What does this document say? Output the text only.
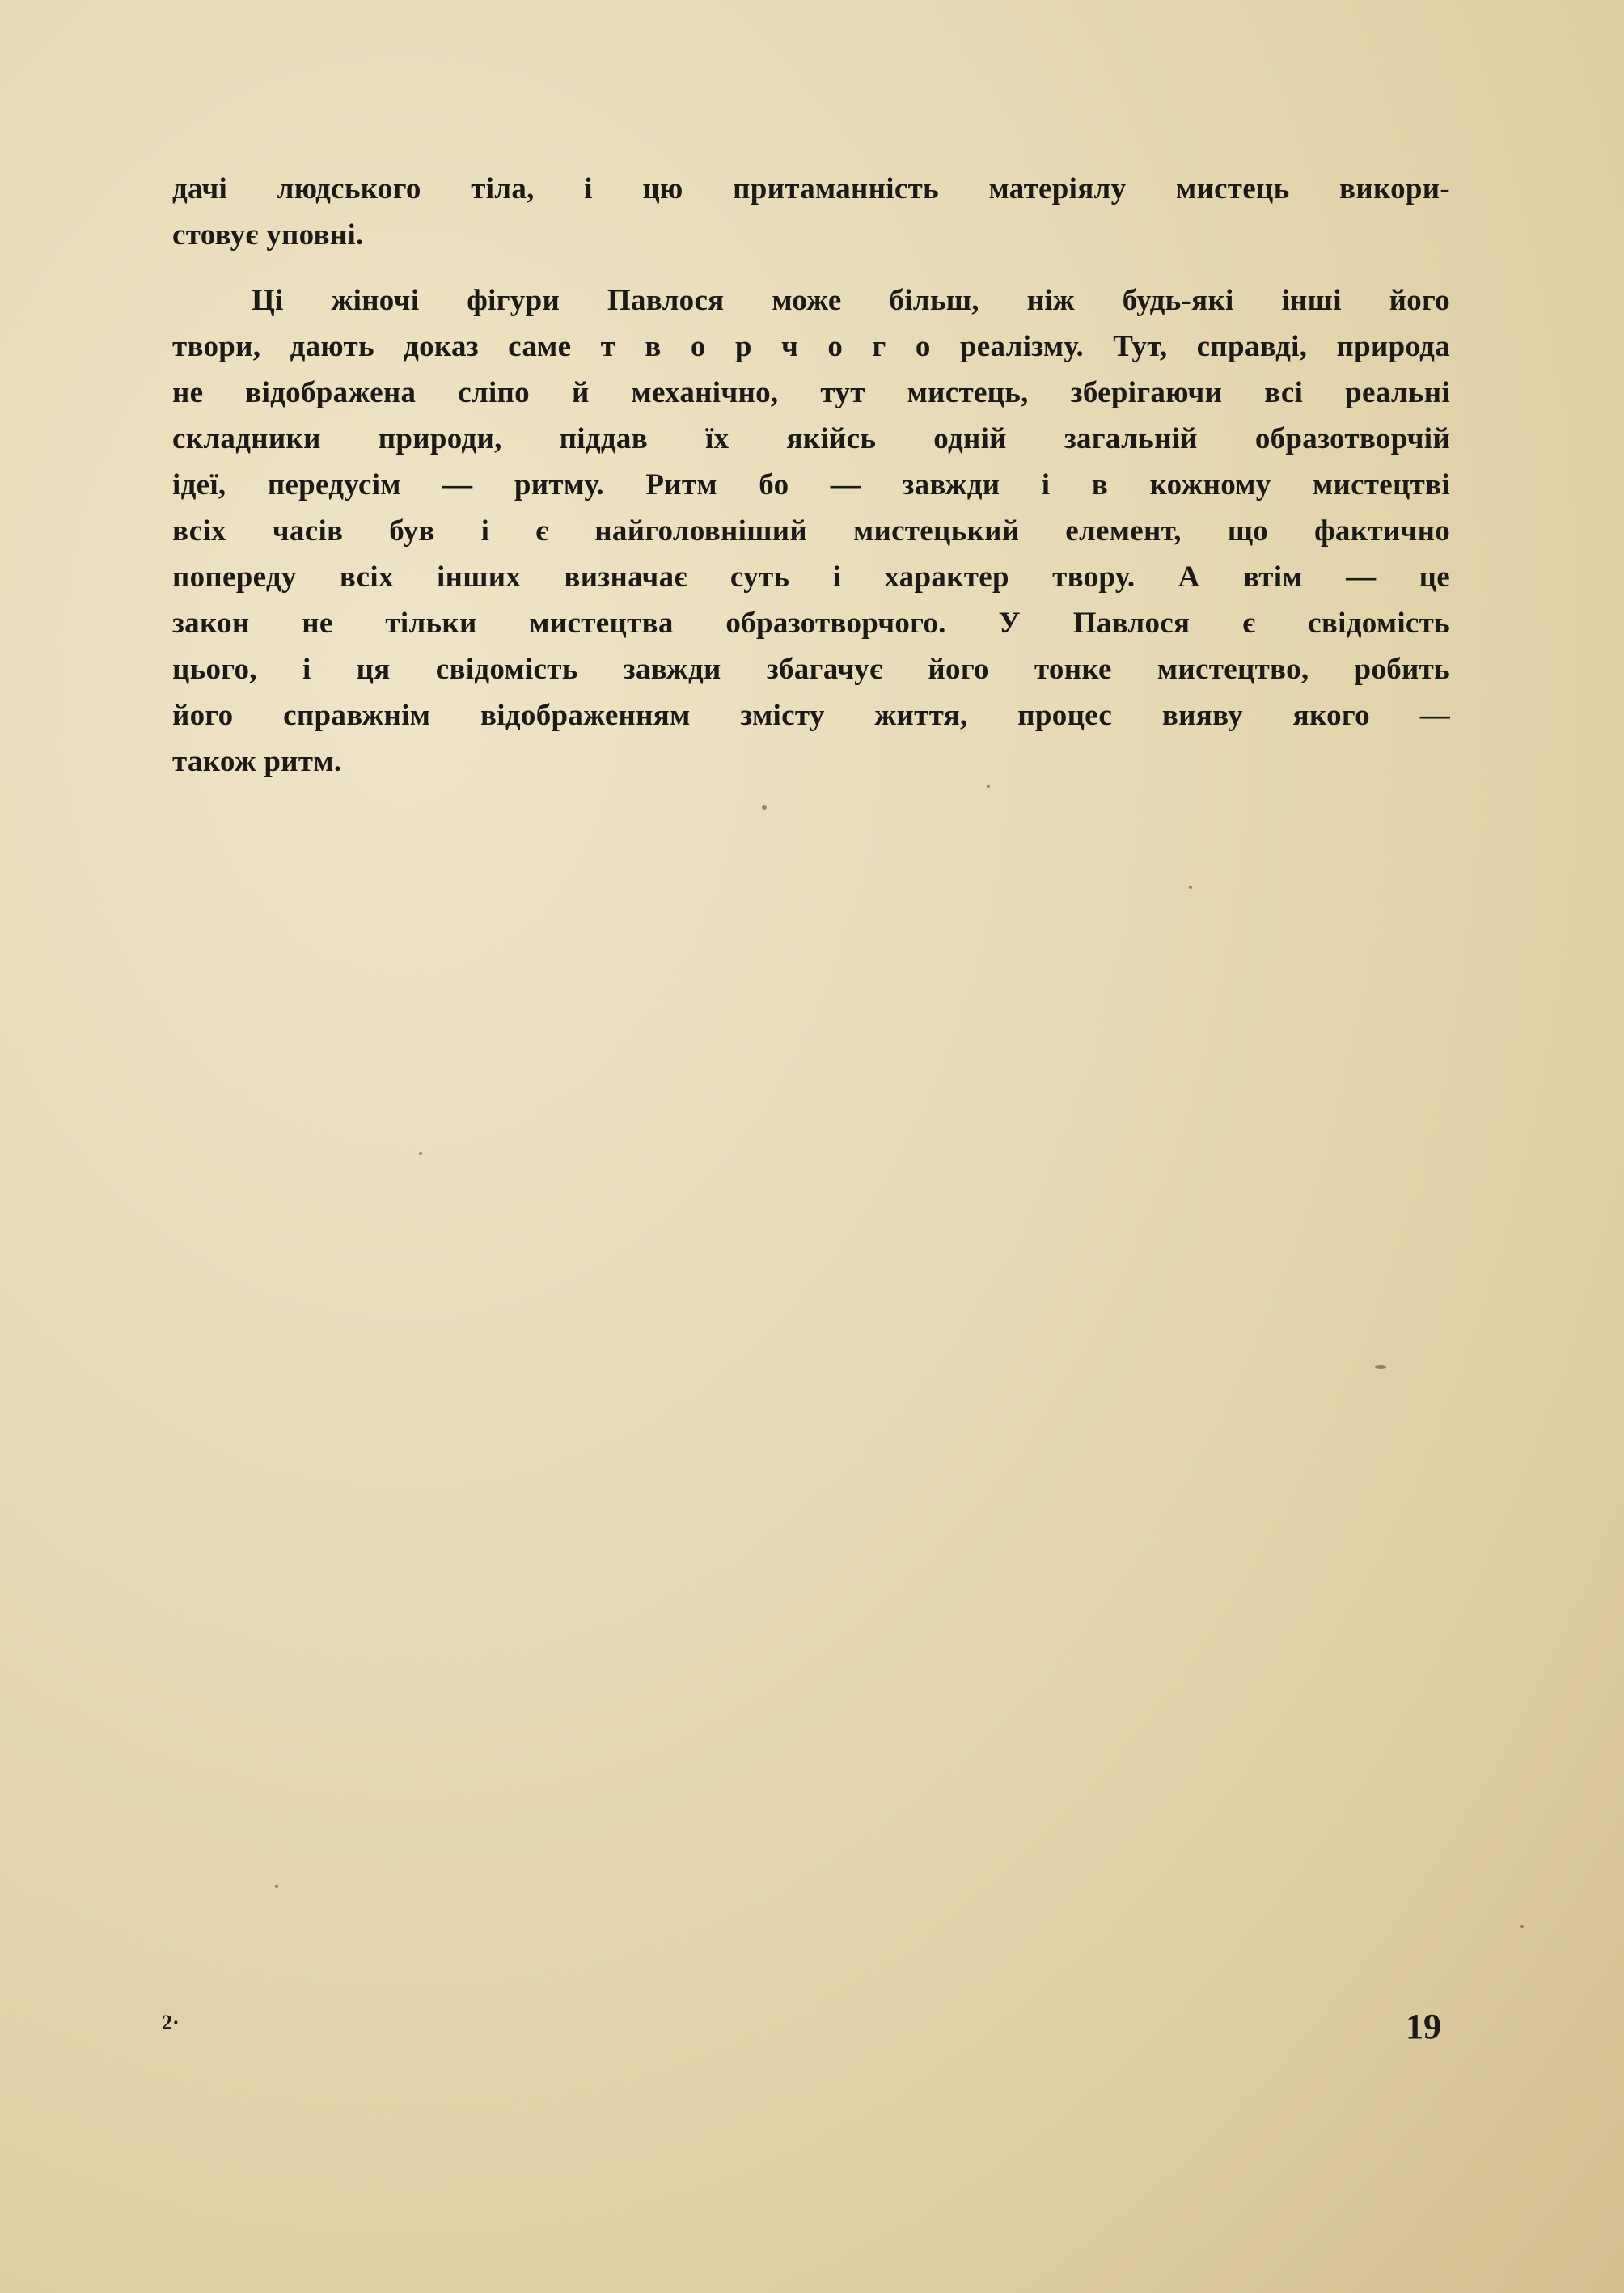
дачі людського тіла, і цю притаманність матеріялу мистець викори-
стовує уповні.
Ці жіночі фігури Павлося може більш, ніж будь-які інші його
твори, дають доказ саме т в о р ч о г о реалізму. Тут, справді, природа
не відображена сліпо й механічно, тут мистець, зберігаючи всі реальні
складники природи, піддав їх якійсь одній загальній образотворчій
ідеї, передусім — ритму. Ритм бо — завжди і в кожному мистецтві
всіх часів був і є найголовніший мистецький елемент, що фактично
попереду всіх інших визначає суть і характер твору. А втім — це
закон не тільки мистецтва образотворчого. У Павлося є свідомість
цього, і ця свідомість завжди збагачує його тонке мистецтво, робить
його справжнім відображенням змісту життя, процес вияву якого —
також ритм.
2·	19
